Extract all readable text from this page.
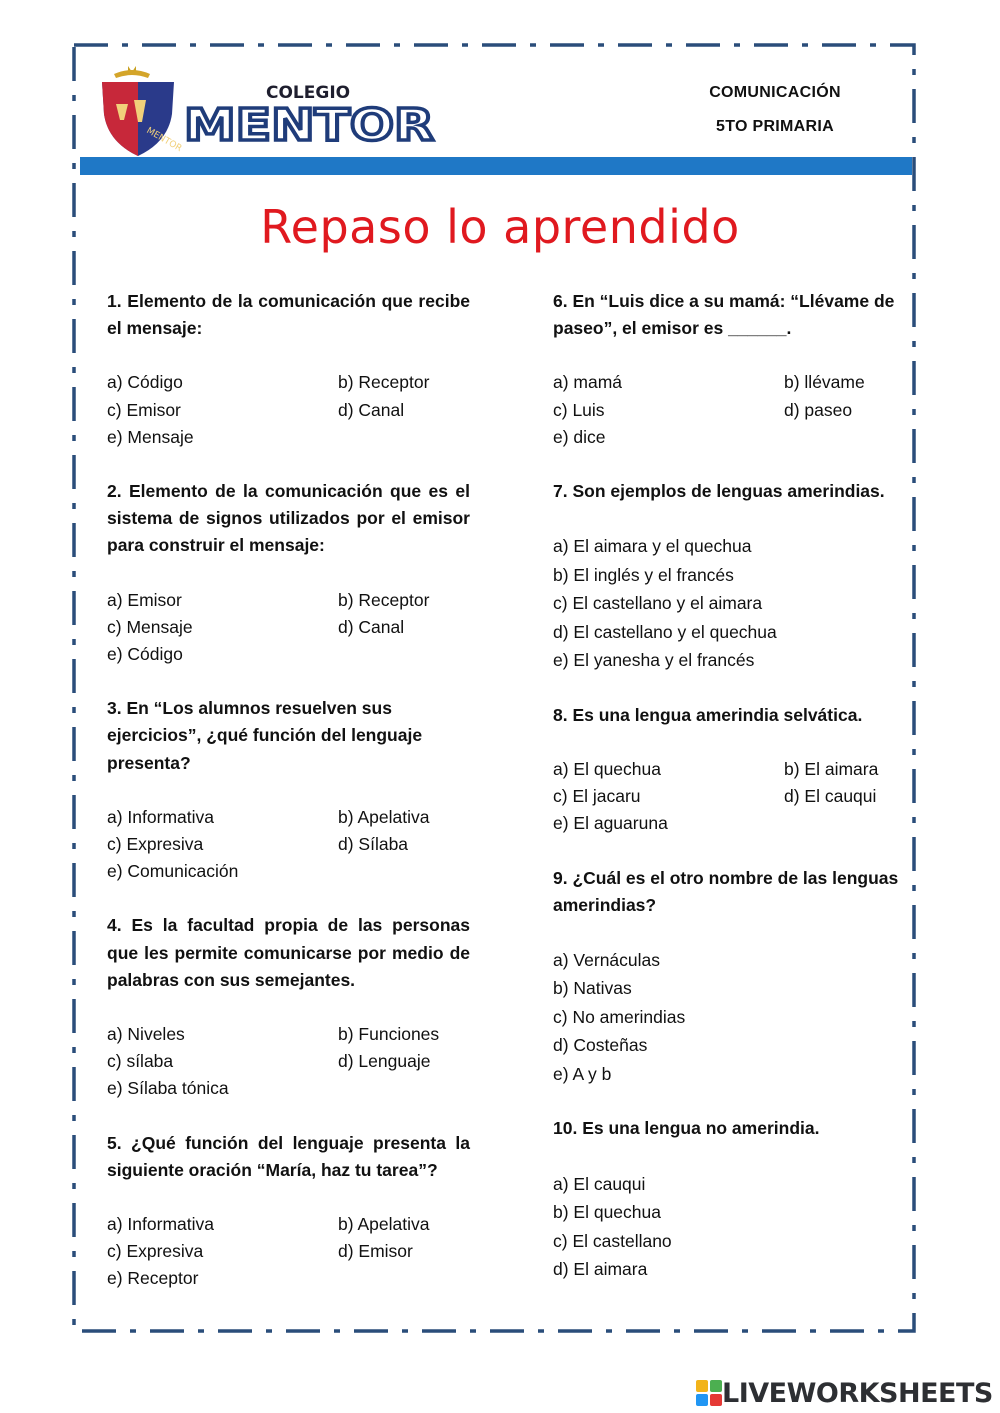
MENTOR
COLEGIO
MENTOR
COMUNICACIÓN
5TO PRIMARIA
Repaso lo aprendido
1. Elemento de la comunicación que recibe el mensaje:
a) Código	b) Receptor
c) Emisor	d) Canal
e) Mensaje
2. Elemento de la comunicación que es el sistema de signos utilizados por el emisor para construir el mensaje:
a) Emisor	b) Receptor
c) Mensaje	d) Canal
e) Código
3. En “Los alumnos resuelven sus ejercicios”, ¿qué función del lenguaje presenta?
a) Informativa	b) Apelativa
c) Expresiva	d) Sílaba
e) Comunicación
4. Es la facultad propia de las personas que les permite comunicarse por medio de palabras con sus semejantes.
a) Niveles	b) Funciones
c) sílaba	d) Lenguaje
e) Sílaba tónica
5. ¿Qué función del lenguaje presenta la siguiente oración “María, haz tu tarea”?
a) Informativa	b) Apelativa
c) Expresiva	d) Emisor
e) Receptor
6. En “Luis dice a su mamá: “Llévame de paseo”, el emisor es ______.
a) mamá	b) llévame
c) Luis	d) paseo
e) dice
7. Son ejemplos de lenguas amerindias.
a) El aimara y el quechua
b) El inglés y el francés
c) El castellano y el aimara
d) El castellano y el quechua
e) El yanesha y el francés
8. Es una lengua amerindia selvática.
a) El quechua	b) El aimara
c) El jacaru	d) El cauqui
e) El aguaruna
9. ¿Cuál es el otro nombre de las lenguas amerindias?
a) Vernáculas
b) Nativas
c) No amerindias
d) Costeñas
e) A y b
10. Es una lengua no amerindia.
a) El cauqui
b) El quechua
c) El castellano
d) El aimara
LIVEWORKSHEETS
